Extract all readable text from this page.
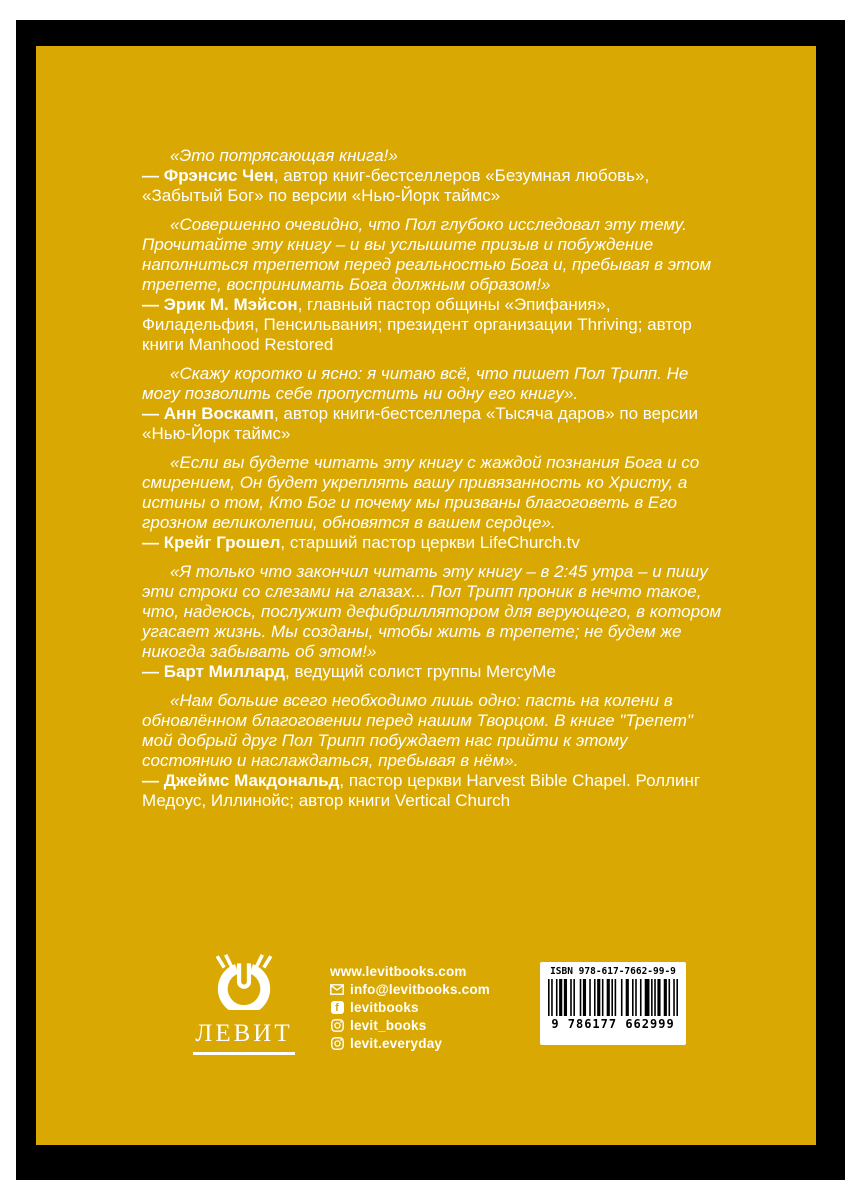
«Это потрясающая книга!»

— Фрэнсис Чен, автор книг-бестселлеров «Безумная любовь», «Забытый Бог» по версии «Нью-Йорк таймс»

«Совершенно очевидно, что Пол глубоко исследовал эту тему. Прочитайте эту книгу – и вы услышите призыв и побуждение наполниться трепетом перед реальностью Бога и, пребывая в этом трепете, воспринимать Бога должным образом!»

— Эрик М. Мэйсон, главный пастор общины «Эпифания», Филадельфия, Пенсильвания; президент организации Thriving; автор книги Manhood Restored

«Скажу коротко и ясно: я читаю всё, что пишет Пол Трипп. Не могу позволить себе пропустить ни одну его книгу».

— Анн Воскамп, автор книги-бестселлера «Тысяча даров» по версии «Нью-Йорк таймс»

«Если вы будете читать эту книгу с жаждой познания Бога и со смирением, Он будет укреплять вашу привязанность ко Христу, а истины о том, Кто Бог и почему мы призваны благоговеть в Его грозном великолепии, обновятся в вашем сердце».

— Крейг Грошел, старший пастор церкви LifeChurch.tv

«Я только что закончил читать эту книгу – в 2:45 утра – и пишу эти строки со слезами на глазах... Пол Трипп проник в нечто такое, что, надеюсь, послужит дефибриллятором для верующего, в котором угасает жизнь. Мы созданы, чтобы жить в трепете; не будем же никогда забывать об этом!»

— Барт Миллард, ведущий солист группы MercyMe

«Нам больше всего необходимо лишь одно: пасть на колени в обновлённом благоговении перед нашим Творцом. В книге "Трепет" мой добрый друг Пол Трипп побуждает нас прийти к этому состоянию и наслаждаться, пребывая в нём».

— Джеймс Макдональд, пастор церкви Harvest Bible Chapel. Роллинг Медоус, Иллинойс; автор книги Vertical Church

ЛЕВИТ
www.levitbooks.com
info@levitbooks.com
f levitbooks
levit_books
levit.everyday
ISBN 978-617-7662-99-9
9 786177 662999
